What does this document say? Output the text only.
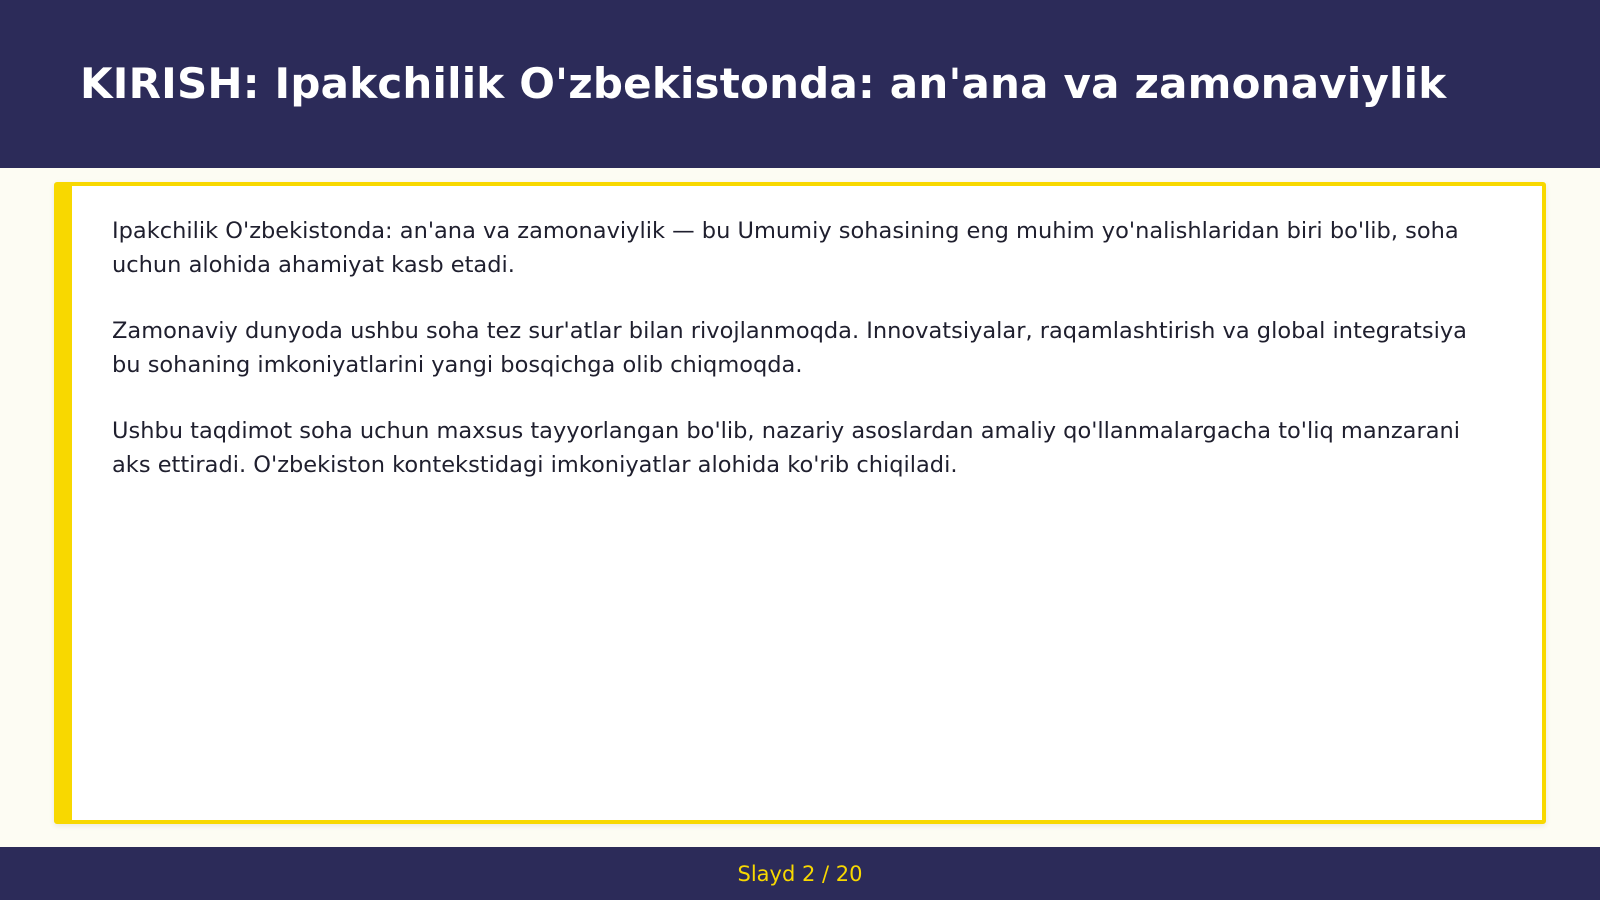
KIRISH: Ipakchilik O'zbekistonda: an'ana va zamonaviylik

Ipakchilik O'zbekistonda: an'ana va zamonaviylik — bu Umumiy sohasining eng muhim yo'nalishlaridan biri bo'lib, soha uchun alohida ahamiyat kasb etadi.

Zamonaviy dunyoda ushbu soha tez sur'atlar bilan rivojlanmoqda. Innovatsiyalar, raqamlashtirish va global integratsiya bu sohaning imkoniyatlarini yangi bosqichga olib chiqmoqda.

Ushbu taqdimot soha uchun maxsus tayyorlangan bo'lib, nazariy asoslardan amaliy qo'llanmalargacha to'liq manzarani aks ettiradi. O'zbekiston kontekstidagi imkoniyatlar alohida ko'rib chiqiladi.

Slayd 2 / 20
